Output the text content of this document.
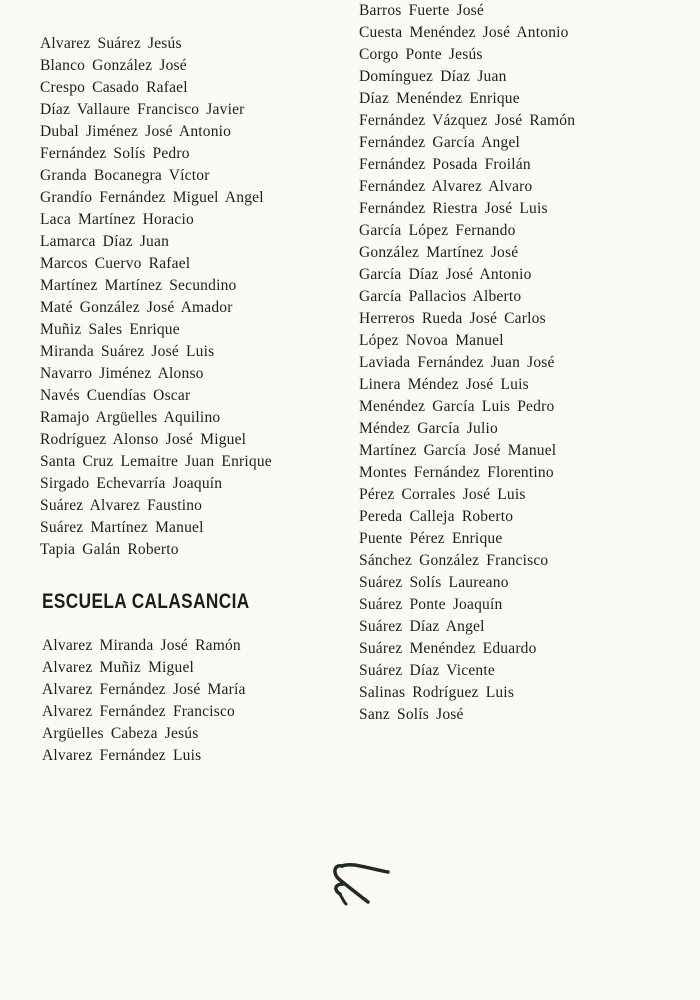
Alvarez Suárez Jesús
Blanco González José
Crespo Casado Rafael
Díaz Vallaure Francisco Javier
Dubal Jiménez José Antonio
Fernández Solís Pedro
Granda Bocanegra Víctor
Grandío Fernández Miguel Angel
Laca Martínez Horacio
Lamarca Díaz Juan
Marcos Cuervo Rafael
Martínez Martínez Secundino
Maté González José Amador
Muñiz Sales Enrique
Miranda Suárez José Luis
Navarro Jiménez Alonso
Navés Cuendías Oscar
Ramajo Argüelles Aquilino
Rodríguez Alonso José Miguel
Santa Cruz Lemaitre Juan Enrique
Sirgado Echevarría Joaquín
Suárez Alvarez Faustino
Suárez Martínez Manuel
Tapia Galán Roberto
ESCUELA CALASANCIA
Alvarez Miranda José Ramón
Alvarez Muñiz Miguel
Alvarez Fernández José María
Alvarez Fernández Francisco
Argüelles Cabeza Jesús
Alvarez Fernández Luis
Barros Fuerte José
Cuesta Menéndez José Antonio
Corgo Ponte Jesús
Domínguez Díaz Juan
Díaz Menéndez Enrique
Fernández Vázquez José Ramón
Fernández García Angel
Fernández Posada Froilán
Fernández Alvarez Alvaro
Fernández Riestra José Luis
García López Fernando
González Martínez José
García Díaz José Antonio
García Pallacios Alberto
Herreros Rueda José Carlos
López Novoa Manuel
Laviada Fernández Juan José
Linera Méndez José Luis
Menéndez García Luis Pedro
Méndez García Julio
Martínez García José Manuel
Montes Fernández Florentino
Pérez Corrales José Luis
Pereda Calleja Roberto
Puente Pérez Enrique
Sánchez González Francisco
Suárez Solís Laureano
Suárez Ponte Joaquín
Suárez Díaz Angel
Suárez Menéndez Eduardo
Suárez Díaz Vicente
Salinas Rodríguez Luis
Sanz Solís José
